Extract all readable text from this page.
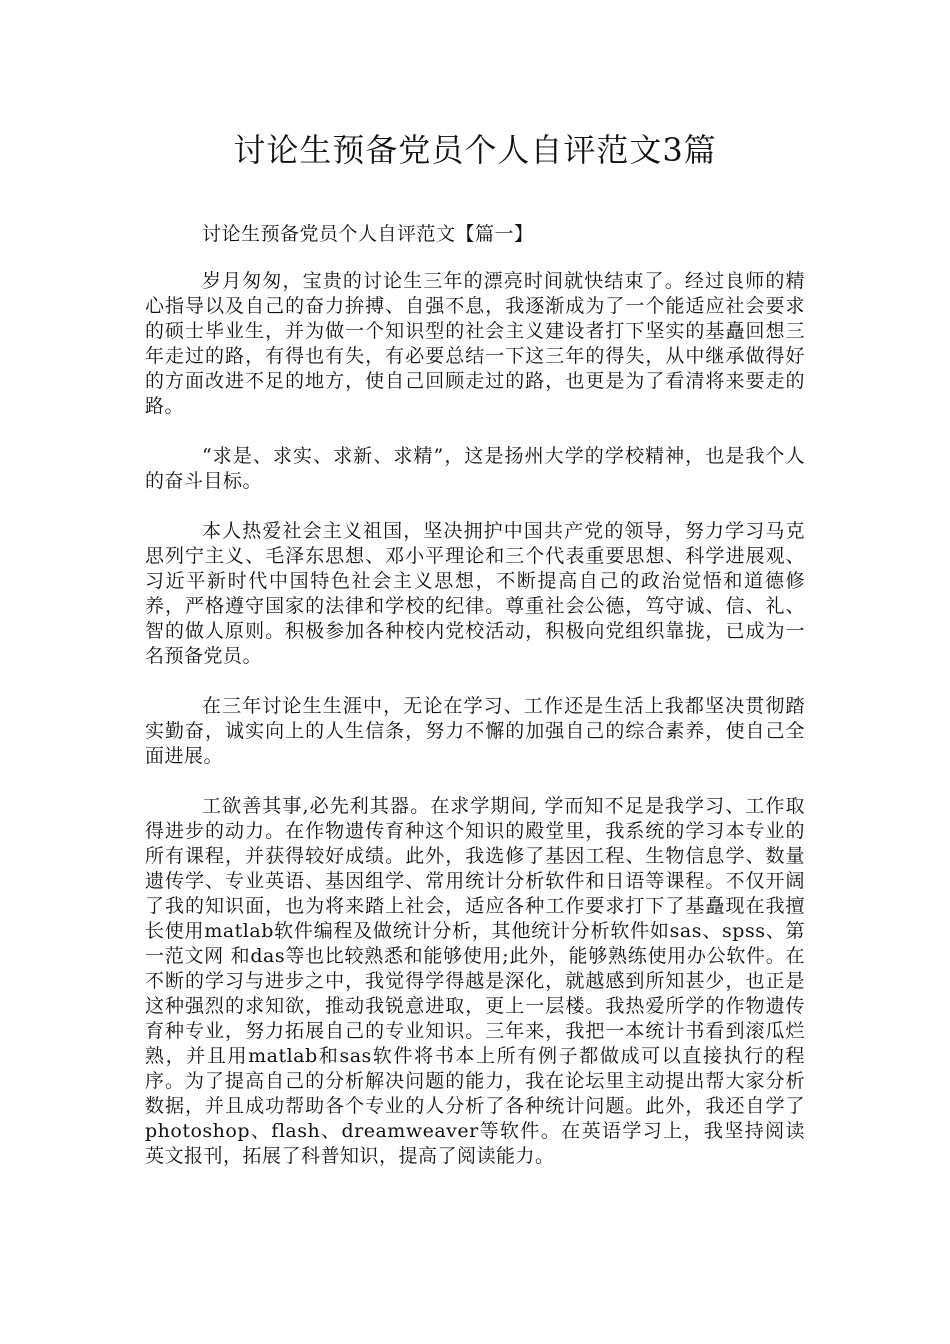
讨论生预备党员个人自评范文3篇

讨论生预备党员个人自评范文【篇一】

岁月匆匆，宝贵的讨论生三年的漂亮时间就快结束了。经过良师的精心指导以及自己的奋力拚搏、自强不息，我逐渐成为了一个能适应社会要求的硕士毕业生，并为做一个知识型的社会主义建设者打下坚实的基矗回想三年走过的路，有得也有失，有必要总结一下这三年的得失，从中继承做得好的方面改进不足的地方，使自己回顾走过的路，也更是为了看清将来要走的路。

“求是、求实、求新、求精”，这是扬州大学的学校精神，也是我个人的奋斗目标。

本人热爱社会主义祖国，坚决拥护中国共产党的领导，努力学习马克思列宁主义、毛泽东思想、邓小平理论和三个代表重要思想、科学进展观、习近平新时代中国特色社会主义思想，不断提高自己的政治觉悟和道德修养，严格遵守国家的法律和学校的纪律。尊重社会公德，笃守诚、信、礼、智的做人原则。积极参加各种校内党校活动，积极向党组织靠拢，已成为一名预备党员。

在三年讨论生生涯中，无论在学习、工作还是生活上我都坚决贯彻踏实勤奋，诚实向上的人生信条，努力不懈的加强自己的综合素养，使自己全面进展。

工欲善其事,必先利其器。在求学期间, 学而知不足是我学习、工作取得进步的动力。在作物遗传育种这个知识的殿堂里，我系统的学习本专业的所有课程，并获得较好成绩。此外，我选修了基因工程、生物信息学、数量遗传学、专业英语、基因组学、常用统计分析软件和日语等课程。不仅开阔了我的知识面，也为将来踏上社会，适应各种工作要求打下了基矗现在我擅长使用matlab软件编程及做统计分析，其他统计分析软件如sas、spss、第一范文网 和das等也比较熟悉和能够使用;此外，能够熟练使用办公软件。在不断的学习与进步之中，我觉得学得越是深化，就越感到所知甚少，也正是这种强烈的求知欲，推动我锐意进取，更上一层楼。我热爱所学的作物遗传育种专业，努力拓展自己的专业知识。三年来，我把一本统计书看到滚瓜烂熟，并且用matlab和sas软件将书本上所有例子都做成可以直接执行的程序。为了提高自己的分析解决问题的能力，我在论坛里主动提出帮大家分析数据，并且成功帮助各个专业的人分析了各种统计问题。此外，我还自学了photoshop、flash、dreamweaver等软件。在英语学习上，我坚持阅读英文报刊，拓展了科普知识，提高了阅读能力。
